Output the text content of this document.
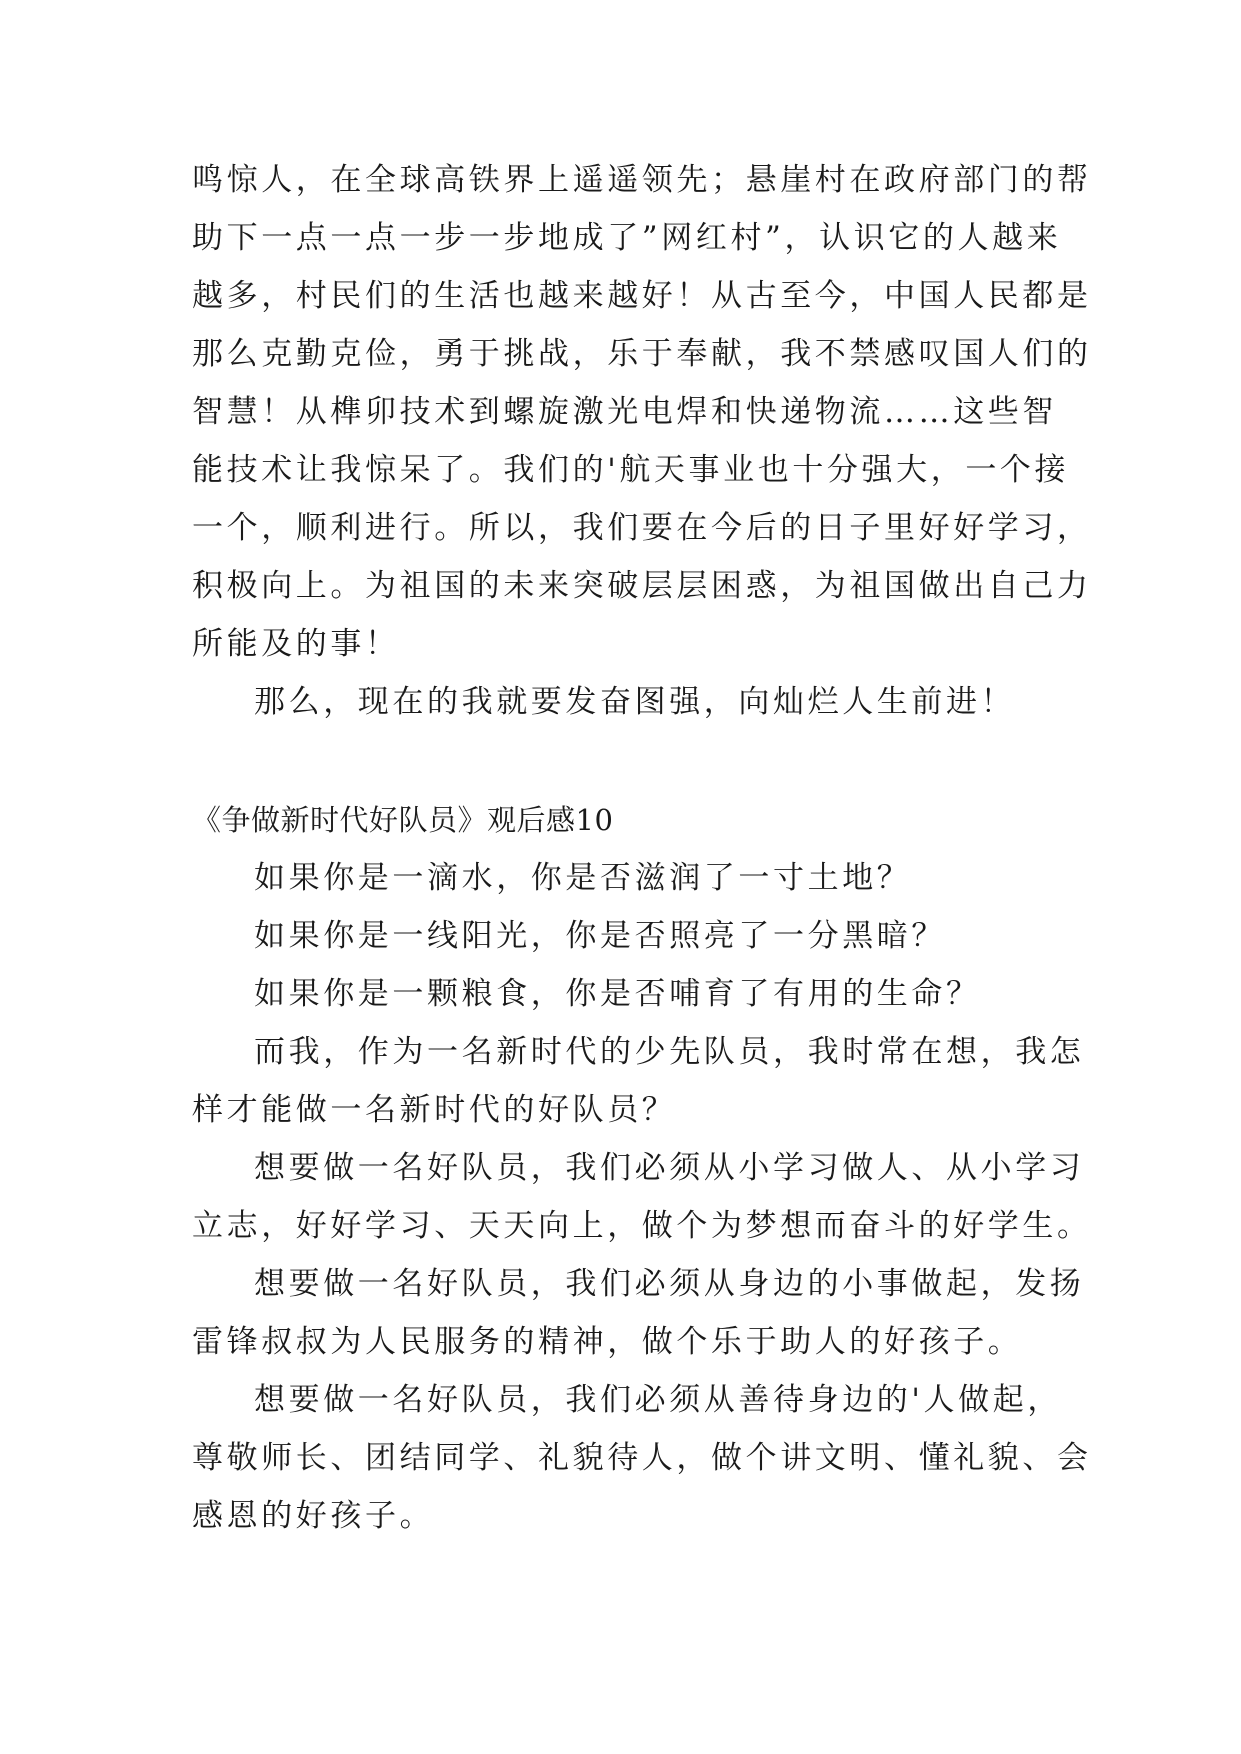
鸣惊人，在全球高铁界上遥遥领先；悬崖村在政府部门的帮
助下一点一点一步一步地成了”网红村”，认识它的人越来
越多，村民们的生活也越来越好！从古至今，中国人民都是
那么克勤克俭，勇于挑战，乐于奉献，我不禁感叹国人们的
智慧！从榫卯技术到螺旋激光电焊和快递物流……这些智
能技术让我惊呆了。我们的'航天事业也十分强大，一个接
一个，顺利进行。所以，我们要在今后的日子里好好学习，
积极向上。为祖国的未来突破层层困惑，为祖国做出自己力
所能及的事！
那么，现在的我就要发奋图强，向灿烂人生前进！
《争做新时代好队员》观后感10
如果你是一滴水，你是否滋润了一寸土地？
如果你是一线阳光，你是否照亮了一分黑暗？
如果你是一颗粮食，你是否哺育了有用的生命？
而我，作为一名新时代的少先队员，我时常在想，我怎
样才能做一名新时代的好队员？
想要做一名好队员，我们必须从小学习做人、从小学习
立志，好好学习、天天向上，做个为梦想而奋斗的好学生。
想要做一名好队员，我们必须从身边的小事做起，发扬
雷锋叔叔为人民服务的精神，做个乐于助人的好孩子。
想要做一名好队员，我们必须从善待身边的'人做起，
尊敬师长、团结同学、礼貌待人，做个讲文明、懂礼貌、会
感恩的好孩子。
